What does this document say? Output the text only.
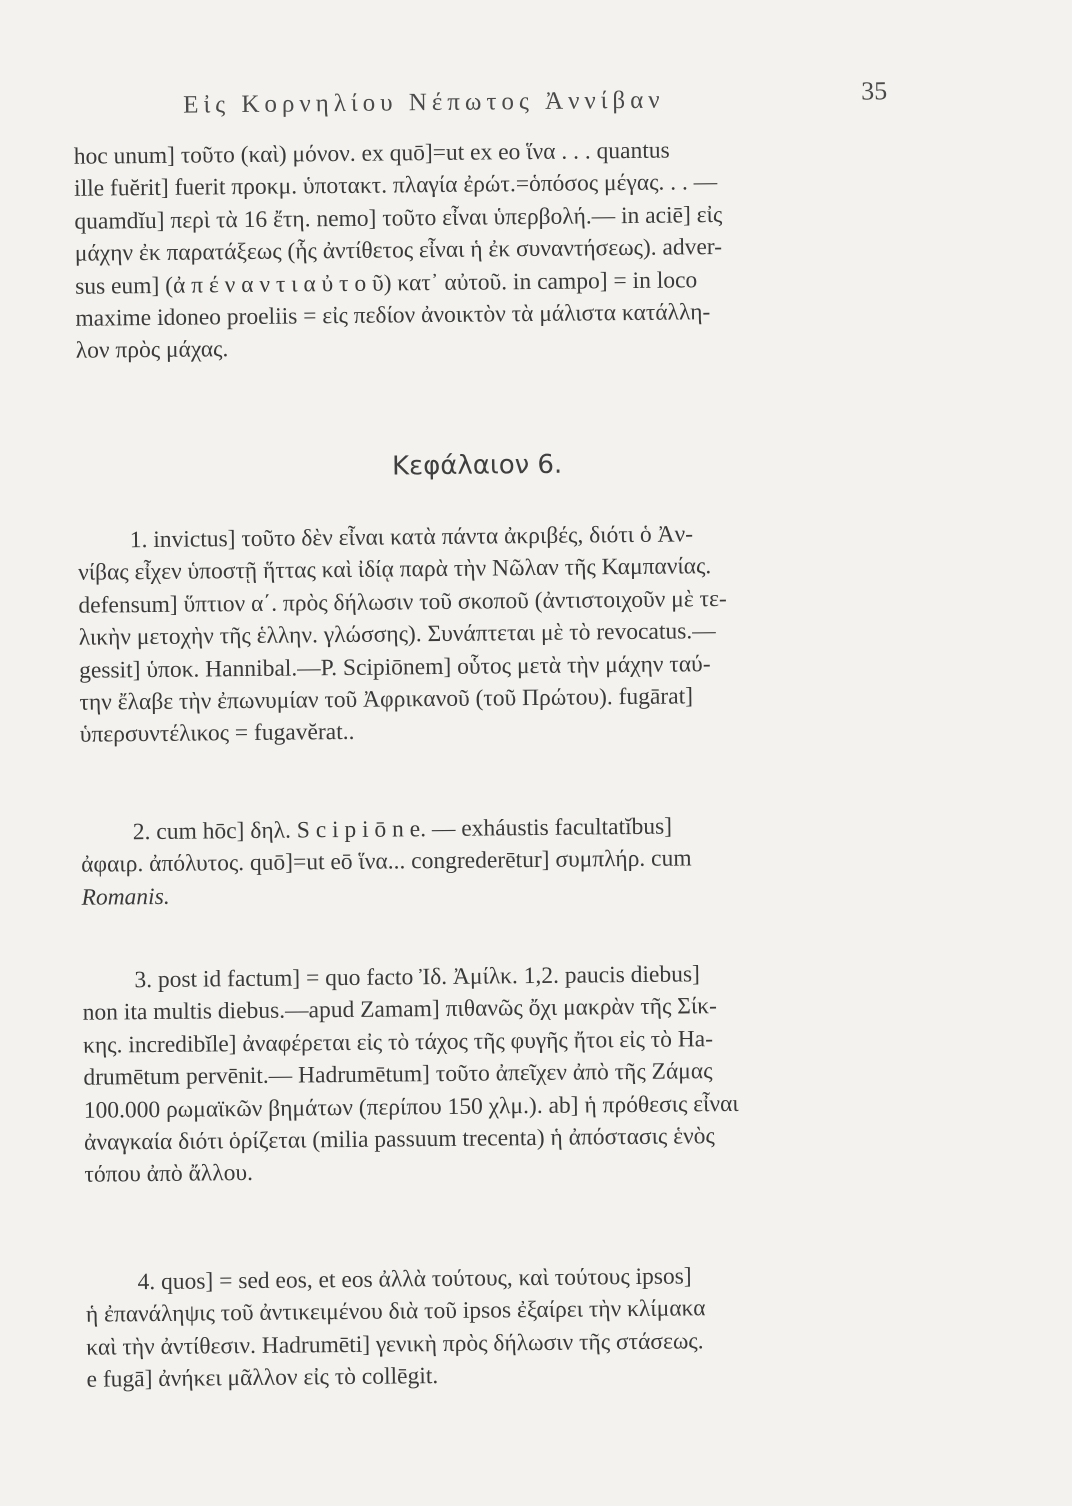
Εἰς Κορνηλίου Νέπωτος Ἀννίβαν	35
hoc unum] τοῦτο (καὶ) μόνον. ex quō]=ut ex eo ἵνα . . . quantus
ille fuĕrit] fuerit προκμ. ὑποτακτ. πλαγία ἐρώτ.=ὁπόσος μέγας. . . —
quamdĭu] περὶ τὰ 16 ἔτη. nemo] τοῦτο εἶναι ὑπερβολή.— in aciē] εἰς
μάχην ἐκ παρατάξεως (ἧς ἀντίθετος εἶναι ἡ ἐκ συναντήσεως). adver-
sus eum] (ἀ π έ ν α ν τ ι α ὐ τ ο ῦ) κατ᾽ αὐτοῦ. in campo] = in loco
maxime idoneo proeliis = εἰς πεδίον ἀνοικτὸν τὰ μάλιστα κατάλλη-
λον πρὸς μάχας.
Κεφάλαιον 6.
1. invictus] τοῦτο δὲν εἶναι κατὰ πάντα ἀκριβές, διότι ὁ Ἀν-
νίβας εἶχεν ὑποστῇ ἥττας καὶ ἰδίᾳ παρὰ τὴν Νῶλαν τῆς Καμπανίας.
defensum] ὕπτιον α΄. πρὸς δήλωσιν τοῦ σκοποῦ (ἀντιστοιχοῦν μὲ τε-
λικὴν μετοχὴν τῆς ἑλλην. γλώσσης). Συνάπτεται μὲ τὸ revocatus.—
gessit] ὑποκ. Hannibal.—P. Scipiōnem] οὗτος μετὰ τὴν μάχην ταύ-
την ἔλαβε τὴν ἐπωνυμίαν τοῦ Ἀφρικανοῦ (τοῦ Πρώτου). fugārat]
ὑπερσυντέλικος = fugavĕrat..
2. cum hōc] δηλ. S c i p i ō n e. — exháustis facultatĭbus]
ἀφαιρ. ἀπόλυτος. quō]=ut eō ἵνα... congrederētur] συμπλήρ. cum
Romanis.
3. post id factum] = quo facto Ἰδ. Ἀμίλκ. 1,2. paucis diebus]
non ita multis diebus.—apud Zamam] πιθανῶς ὄχι μακρὰν τῆς Σίκ-
κης. incredibĭle] ἀναφέρεται εἰς τὸ τάχος τῆς φυγῆς ἤτοι εἰς τὸ Ha-
drumētum pervēnit.— Hadrumētum] τοῦτο ἀπεῖχεν ἀπὸ τῆς Ζάμας
100.000 ρωμαϊκῶν βημάτων (περίπου 150 χλμ.). ab] ἡ πρόθεσις εἶναι
ἀναγκαία διότι ὁρίζεται (milia passuum trecenta) ἡ ἀπόστασις ἑνὸς
τόπου ἀπὸ ἄλλου.
4. quos] = sed eos, et eos ἀλλὰ τούτους, καὶ τούτους ipsos]
ἡ ἐπανάληψις τοῦ ἀντικειμένου διὰ τοῦ ipsos ἐξαίρει τὴν κλίμακα
καὶ τὴν ἀντίθεσιν. Hadrumēti] γενικὴ πρὸς δήλωσιν τῆς στάσεως.
e fugā] ἀνήκει μᾶλλον εἰς τὸ collēgit.
